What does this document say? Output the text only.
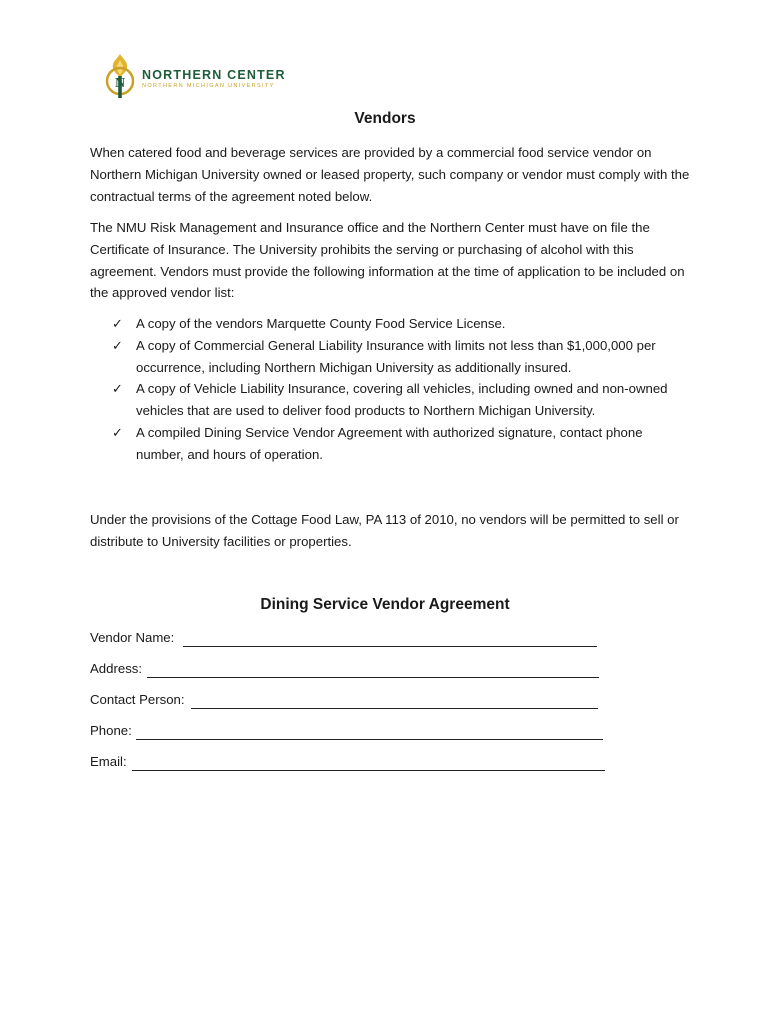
N
NORTHERN CENTER
NORTHERN MICHIGAN UNIVERSITY
Vendors
When catered food and beverage services are provided by a commercial food service vendor on Northern Michigan University owned or leased property, such company or vendor must comply with the contractual terms of the agreement noted below.
The NMU Risk Management and Insurance office and the Northern Center must have on file the Certificate of Insurance. The University prohibits the serving or purchasing of alcohol with this agreement. Vendors must provide the following information at the time of application to be included on the approved vendor list:
✓ A copy of the vendors Marquette County Food Service License.
✓ A copy of Commercial General Liability Insurance with limits not less than $1,000,000 per occurrence, including Northern Michigan University as additionally insured.
✓ A copy of Vehicle Liability Insurance, covering all vehicles, including owned and non-owned vehicles that are used to deliver food products to Northern Michigan University.
✓ A compiled Dining Service Vendor Agreement with authorized signature, contact phone number, and hours of operation.
Under the provisions of the Cottage Food Law, PA 113 of 2010, no vendors will be permitted to sell or distribute to University facilities or properties.
Dining Service Vendor Agreement
Vendor Name:
Address:
Contact Person:
Phone:
Email:
